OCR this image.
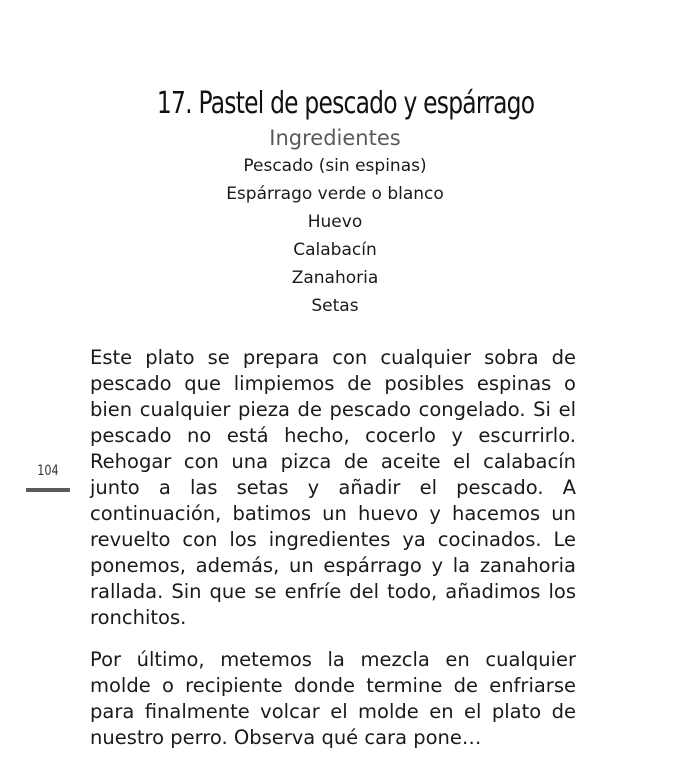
17. Pastel de pescado y espárrago

Ingredientes

Pescado (sin espinas)
Espárrago verde o blanco
Huevo
Calabacín
Zanahoria
Setas
104

Este plato se prepara con cualquier sobra de pescado que limpiemos de posibles espinas o bien cualquier pieza de pescado congelado. Si el pescado no está hecho, cocerlo y escurrirlo. Rehogar con una pizca de aceite el calabacín junto a las setas y añadir el pescado. A continuación, batimos un huevo y hacemos un revuelto con los ingredientes ya cocinados. Le ponemos, además, un espárrago y la zanahoria rallada. Sin que se enfríe del todo, añadimos los ronchitos.

Por último, metemos la mezcla en cualquier molde o recipiente donde termine de enfriarse para finalmente volcar el molde en el plato de nuestro perro. Observa qué cara pone…
